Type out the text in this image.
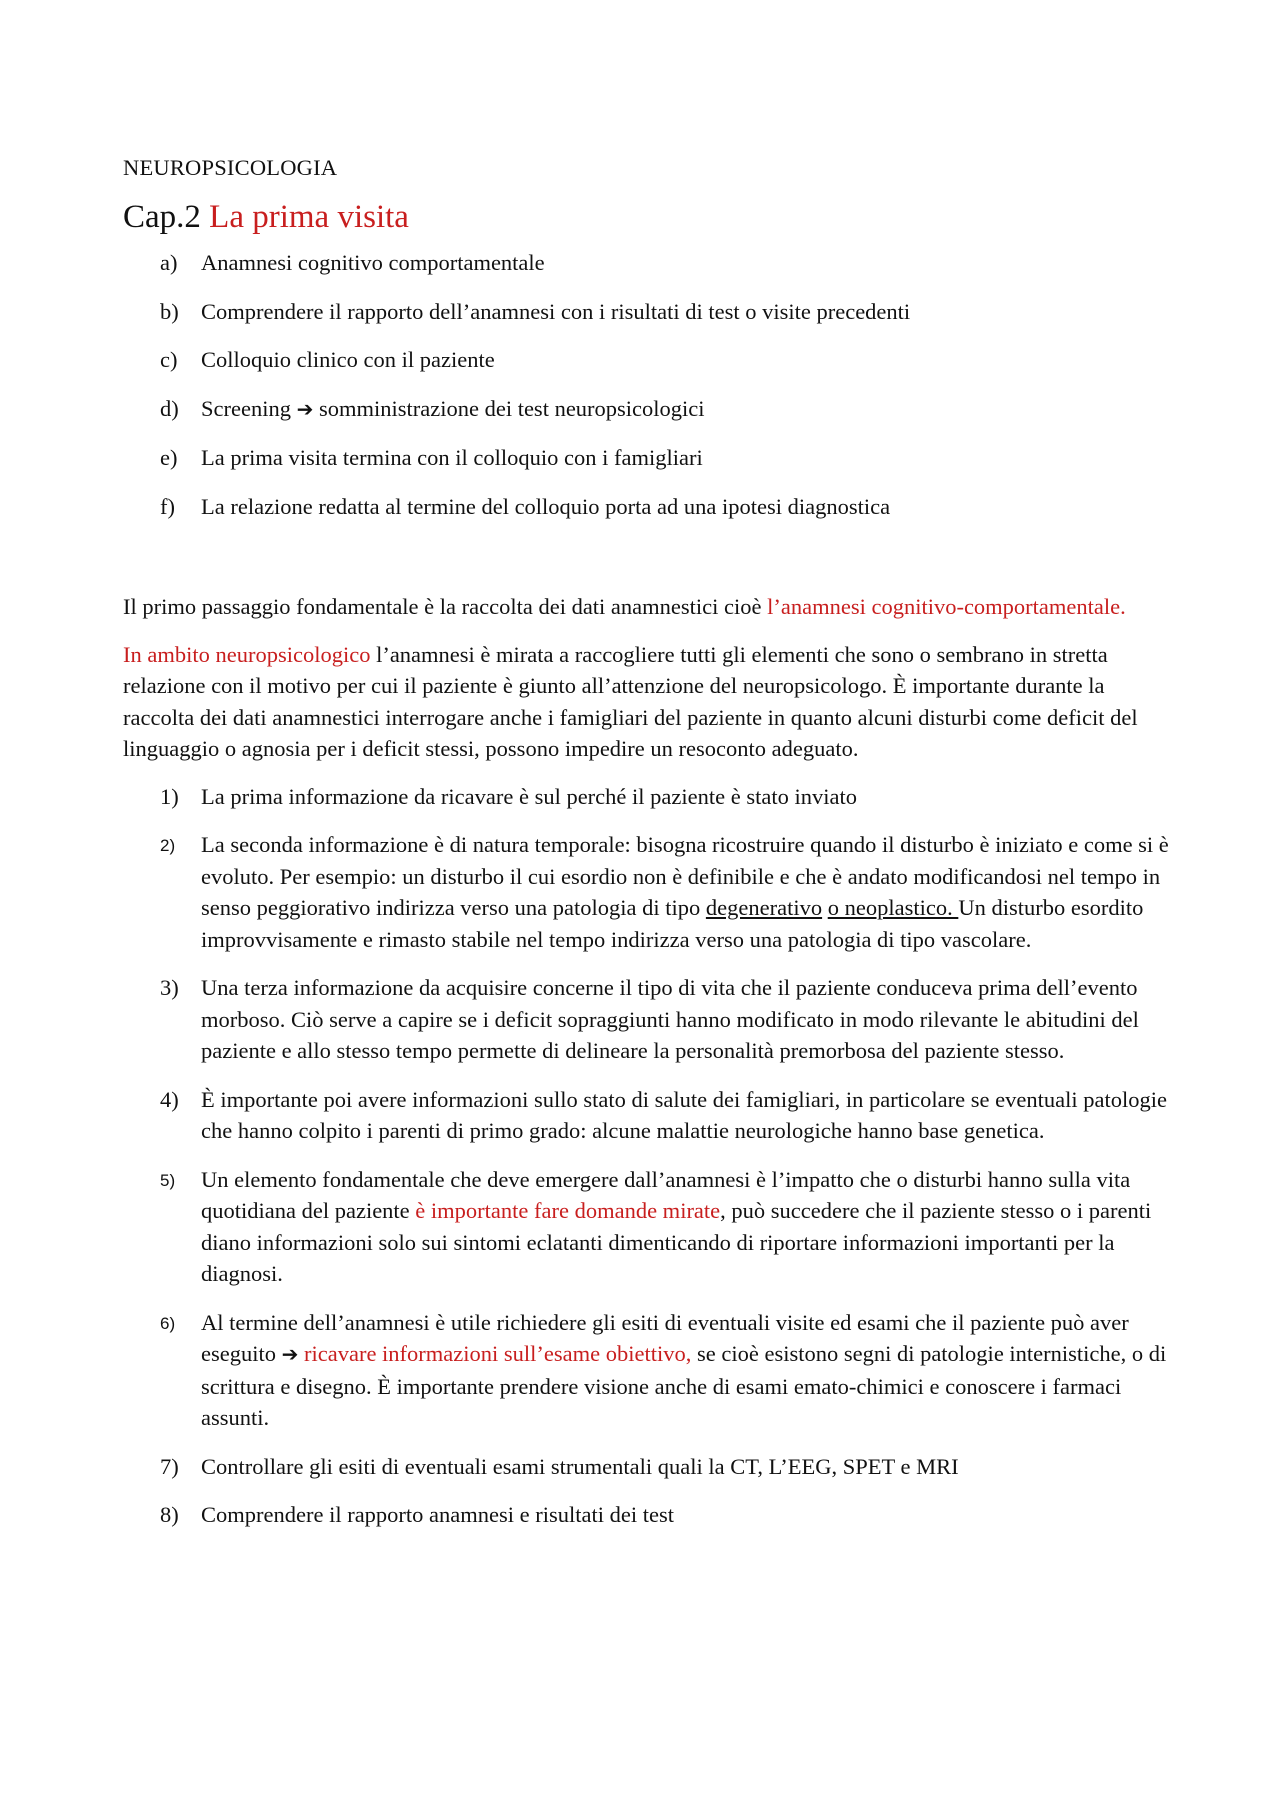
NEUROPSICOLOGIA
Cap.2 La prima visita
a) Anamnesi cognitivo comportamentale
b) Comprendere il rapporto dell’anamnesi con i risultati di test o visite precedenti
c) Colloquio clinico con il paziente
d) Screening ➔ somministrazione dei test neuropsicologici
e) La prima visita termina con il colloquio con i famigliari
f) La relazione redatta al termine del colloquio porta ad una ipotesi diagnostica

Il primo passaggio fondamentale è la raccolta dei dati anamnestici cioè l’anamnesi cognitivo-comportamentale.

In ambito neuropsicologico l’anamnesi è mirata a raccogliere tutti gli elementi che sono o sembrano in stretta relazione con il motivo per cui il paziente è giunto all’attenzione del neuropsicologo. È importante durante la raccolta dei dati anamnestici interrogare anche i famigliari del paziente in quanto alcuni disturbi come deficit del linguaggio o agnosia per i deficit stessi, possono impedire un resoconto adeguato.

1) La prima informazione da ricavare è sul perché il paziente è stato inviato
2) La seconda informazione è di natura temporale: bisogna ricostruire quando il disturbo è iniziato e come si è evoluto. Per esempio: un disturbo il cui esordio non è definibile e che è andato modificandosi nel tempo in senso peggiorativo indirizza verso una patologia di tipo degenerativo o neoplastico. Un disturbo esordito improvvisamente e rimasto stabile nel tempo indirizza verso una patologia di tipo vascolare.
3) Una terza informazione da acquisire concerne il tipo di vita che il paziente conduceva prima dell’evento morboso. Ciò serve a capire se i deficit sopraggiunti hanno modificato in modo rilevante le abitudini del paziente e allo stesso tempo permette di delineare la personalità premorbosa del paziente stesso.
4) È importante poi avere informazioni sullo stato di salute dei famigliari, in particolare se eventuali patologie che hanno colpito i parenti di primo grado: alcune malattie neurologiche hanno base genetica.
5) Un elemento fondamentale che deve emergere dall’anamnesi è l’impatto che o disturbi hanno sulla vita quotidiana del paziente è importante fare domande mirate, può succedere che il paziente stesso o i parenti diano informazioni solo sui sintomi eclatanti dimenticando di riportare informazioni importanti per la diagnosi.
6) Al termine dell’anamnesi è utile richiedere gli esiti di eventuali visite ed esami che il paziente può aver eseguito ➔ ricavare informazioni sull’esame obiettivo, se cioè esistono segni di patologie internistiche, o di scrittura e disegno. È importante prendere visione anche di esami emato-chimici e conoscere i farmaci assunti.
7) Controllare gli esiti di eventuali esami strumentali quali la CT, L’EEG, SPET e MRI
8) Comprendere il rapporto anamnesi e risultati dei test
